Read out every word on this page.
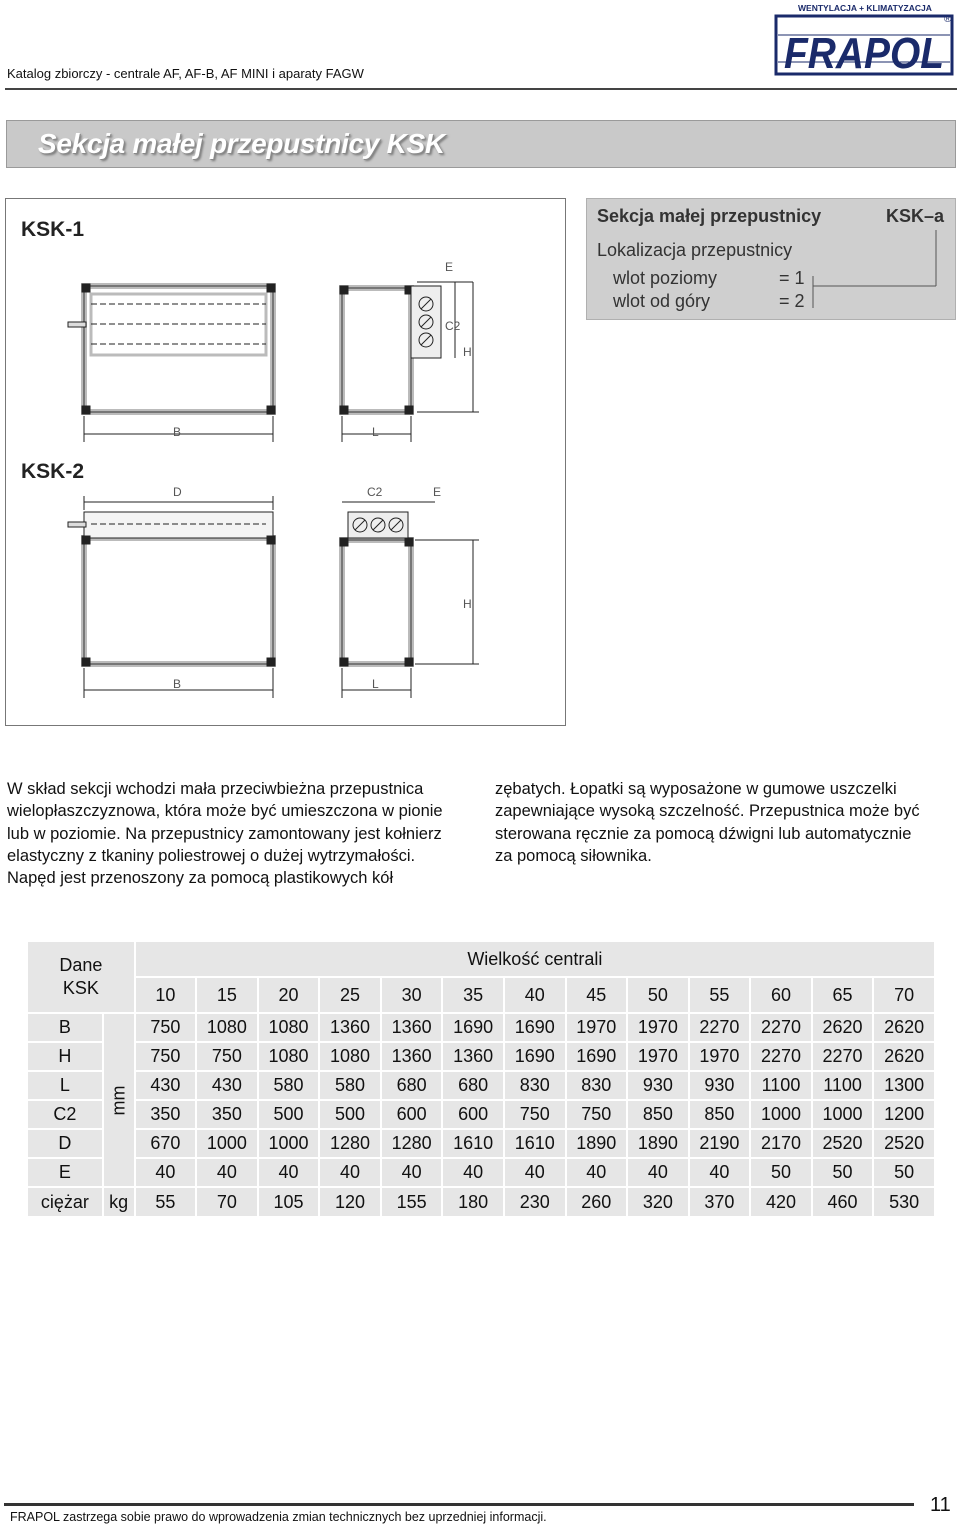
Katalog zbiorczy - centrale AF, AF-B, AF MINI i aparaty FAGW
WENTYLACJA + KLIMATYZACJA
FRAPOL
®
Sekcja małej przepustnicy KSK
KSK-1
KSK-2
B	L
E
C2
H
D	C2	E
H
B	L
Sekcja małej przepustnicy	KSK–a
Lokalizacja przepustnicy
wlot poziomy	= 1
wlot od góry	= 2
W skład sekcji wchodzi mała przeciwbieżna przepustnica
wielopłaszczyznowa, która może być umieszczona w pionie
lub w poziomie. Na przepustnicy zamontowany jest kołnierz
elastyczny z tkaniny poliestrowej o dużej wytrzymałości.
Napęd jest przenoszony za pomocą plastikowych kół
zębatych. Łopatki są wyposażone w gumowe uszczelki
zapewniające wysoką szczelność. Przepustnica może być
sterowana ręcznie za pomocą dźwigni lub automatycznie
za pomocą siłownika.
Dane
KSK		Wielkość centrali												
		10	15	20	25	30	35	40	45	50	55	60	65	70
B	mm	750	1080	1080	1360	1360	1690	1690	1970	1970	2270	2270	2620	2620
H		750	750	1080	1080	1360	1360	1690	1690	1970	1970	2270	2270	2620
L		430	430	580	580	680	680	830	830	930	930	1100	1100	1300
C2		350	350	500	500	600	600	750	750	850	850	1000	1000	1200
D		670	1000	1000	1280	1280	1610	1610	1890	1890	2190	2170	2520	2520
E		40	40	40	40	40	40	40	40	40	40	50	50	50
ciężar	kg	55	70	105	120	155	180	230	260	320	370	420	460	530
FRAPOL zastrzega sobie prawo do wprowadzenia zmian technicznych bez uprzedniej informacji.
11
